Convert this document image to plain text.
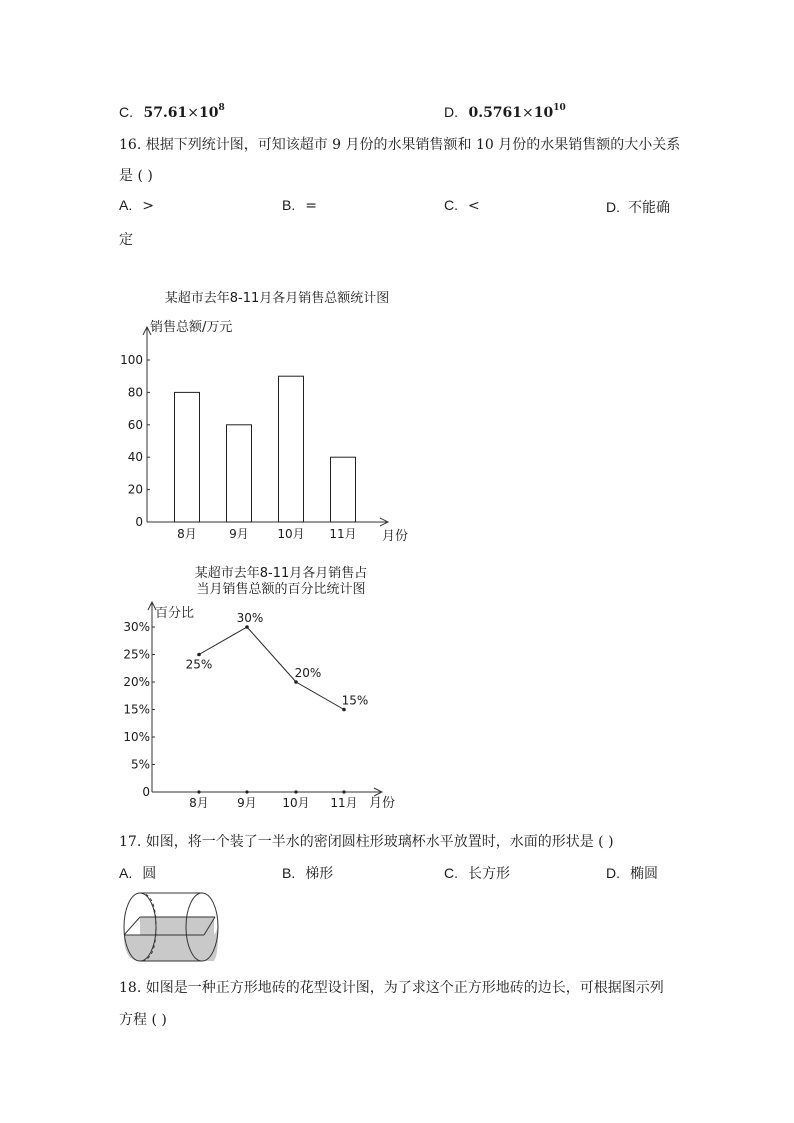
C. $57.61\times 10^8$	D. $0.5761\times 10^{10}$
16. 根据下列统计图，可知该超市 9 月份的水果销售额和 10 月份的水果销售额的大小关系
是 ( )
A. >	B. =	C. <	D. 不能确
定
某超市去年8-11月各月销售总额统计图
销售总额/万元
月份
0
20
40
60
80
100
8月	9月 10月 11月
某超市去年8-11月各月销售占
当月销售总额的百分比统计图
百分比
月份
0
5%
10%
15%
20%
25%
30%
25%
8月
30%
9月
20%
10月
15%
11月
17. 如图，将一个装了一半水的密闭圆柱形玻璃杯水平放置时，水面的形状是 ( )
A. 圆	B. 梯形	C. 长方形	D. 椭圆
18. 如图是一种正方形地砖的花型设计图，为了求这个正方形地砖的边长，可根据图示列
方程 ( )
